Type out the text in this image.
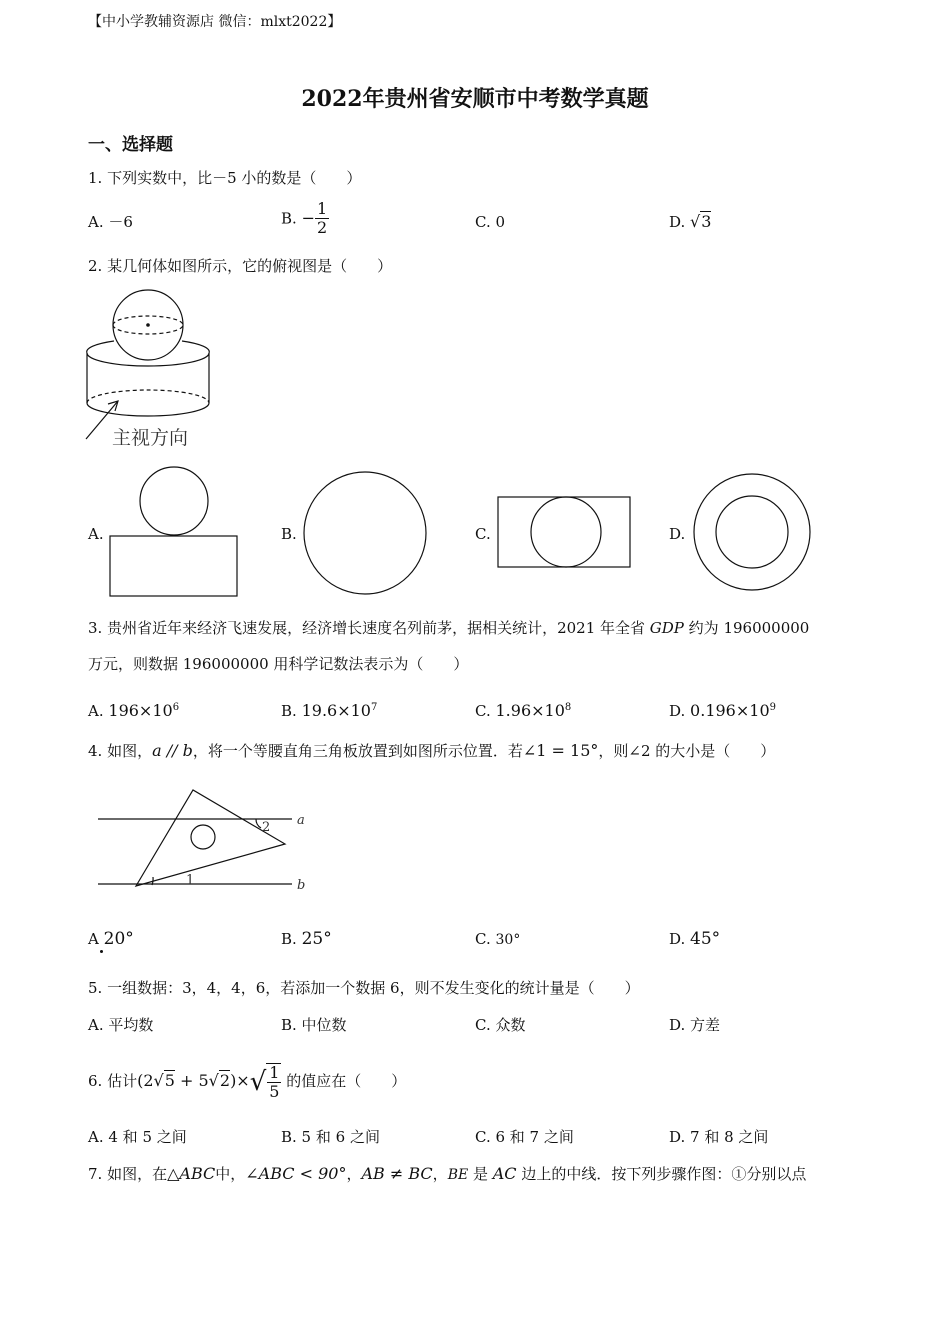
【中小学教辅资源店 微信：mlxt2022】
2022年贵州省安顺市中考数学真题
一、选择题
1. 下列实数中，比－5 小的数是（　　）
A. －6	B. − $\frac{1}{2}$	C. 0	D. √3
2. 某几何体如图所示，它的俯视图是（　　）
主视方向
A.	B.	C.	D.
3. 贵州省近年来经济飞速发展，经济增长速度名列前茅，据相关统计，2021 年全省 GDP 约为 196000000
万元，则数据 196000000 用科学记数法表示为（　　）
A. $196\times 10^6$	B. $19.6\times 10^7$	C. $1.96\times 10^8$	D. $0.196\times 10^9$
4. 如图，a // b，将一个等腰直角三角板放置到如图所示位置．若∠1 = 15°，则∠2 的大小是（　　）
a
b
1
2
A 20°	B. 25°	C. 30°	D. 45°
5. 一组数据：3，4，4，6，若添加一个数据 6，则不发生变化的统计量是（　　）
A. 平均数	B. 中位数	C. 众数	D. 方差
6. 估计$(2√5 + 5√2)\times√ \frac{1}{5}$ 的值应在（　　）
A. 4 和 5 之间	B. 5 和 6 之间	C. 6 和 7 之间	D. 7 和 8 之间
7. 如图，在△ABC中，∠ABC < 90°，AB ≠ BC，BE 是 AC 边上的中线．按下列步骤作图：①分别以点
